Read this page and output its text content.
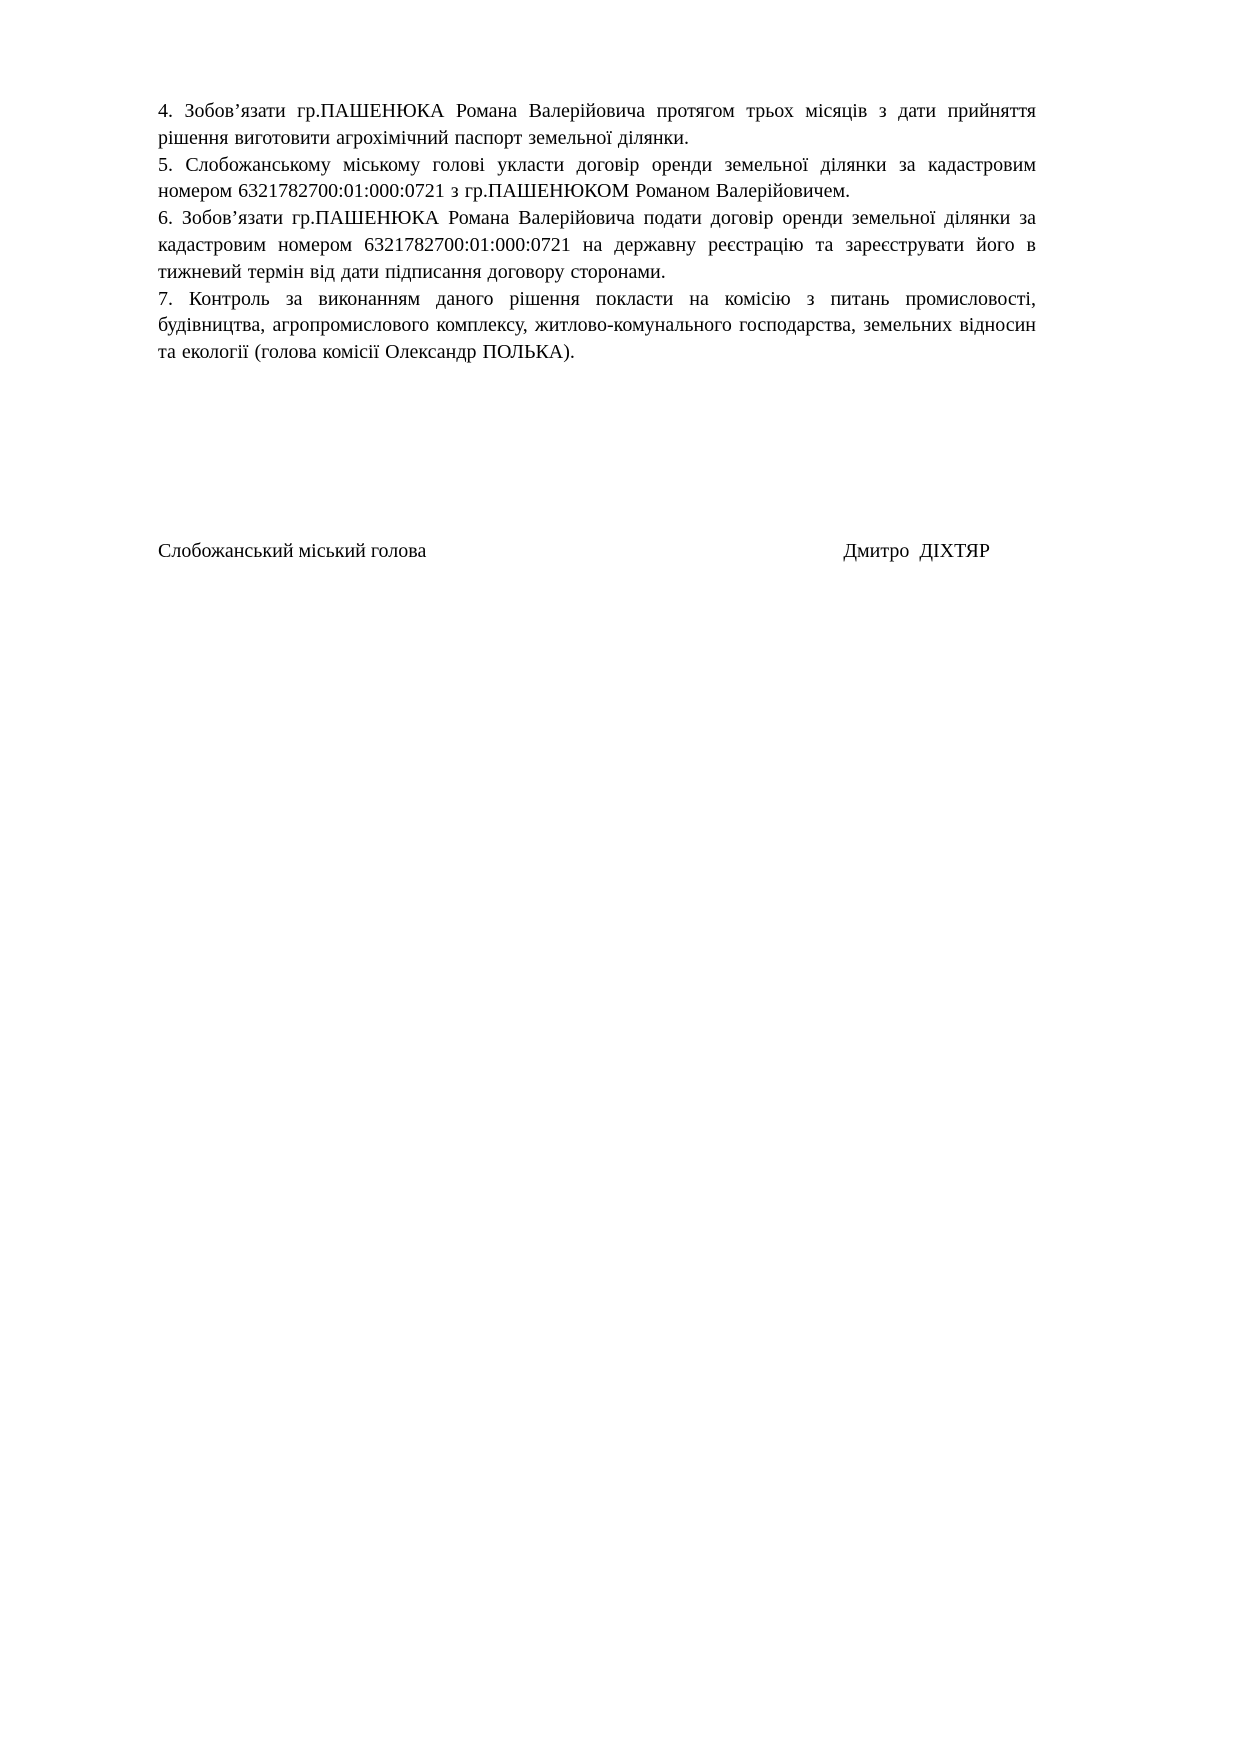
4. Зобов’язати гр.ПАШЕНЮКА Романа Валерійовича протягом трьох місяців з дати прийняття рішення виготовити агрохімічний паспорт земельної ділянки.

5. Слобожанському міському голові укласти договір оренди земельної ділянки за кадастровим номером 6321782700:01:000:0721 з гр.ПАШЕНЮКОМ Романом Валерійовичем.

6. Зобов’язати гр.ПАШЕНЮКА Романа Валерійовича подати договір оренди земельної ділянки за кадастровим номером 6321782700:01:000:0721 на державну реєстрацію та зареєструвати його в тижневий термін від дати підписання договору сторонами.

7. Контроль за виконанням даного рішення покласти на комісію з питань промисловості, будівництва, агропромислового комплексу, житлово-комунального господарства, земельних відносин та екології (голова комісії Олександр ПОЛЬКА).

Слобожанський міський голова	Дмитро  ДІХТЯР
